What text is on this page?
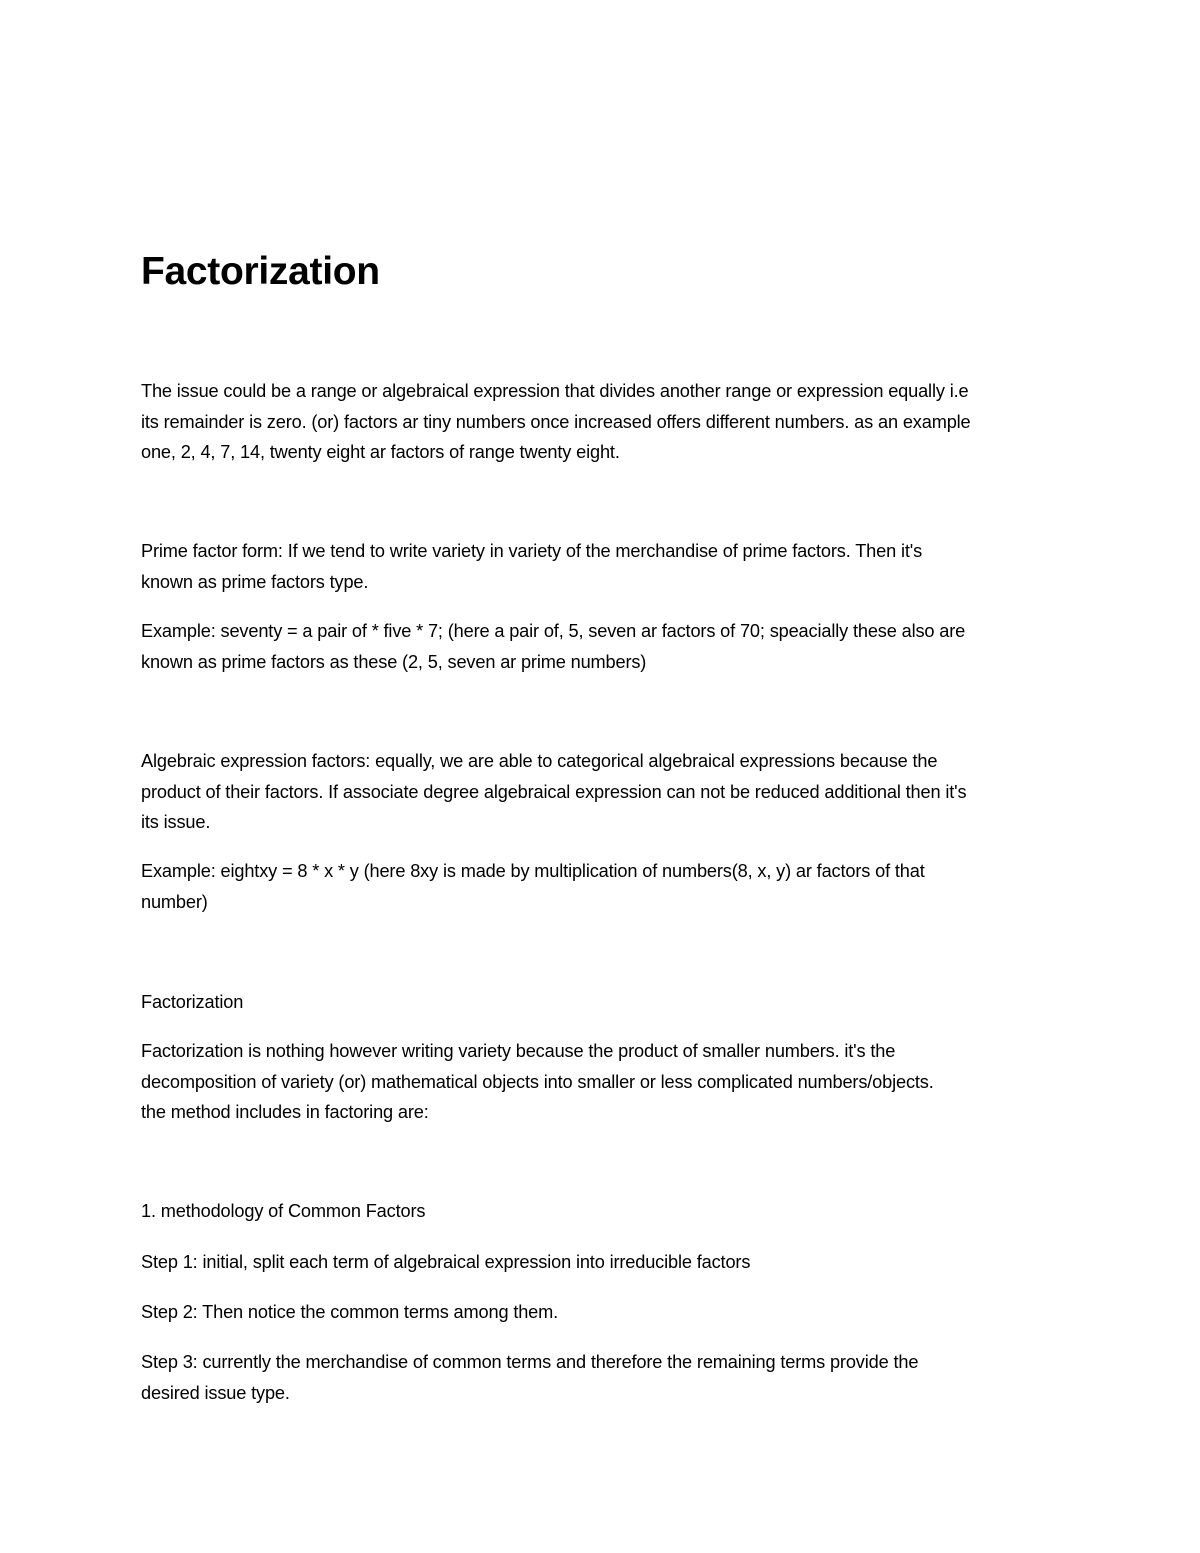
Factorization

The issue could be a range or algebraical expression that divides another range or expression equally i.e
its remainder is zero. (or) factors ar tiny numbers once increased offers different numbers. as an example
one, 2, 4, 7, 14, twenty eight ar factors of range twenty eight.

Prime factor form: If we tend to write variety in variety of the merchandise of prime factors. Then it's
known as prime factors type.

Example: seventy = a pair of * five * 7; (here a pair of, 5, seven ar factors of 70; speacially these also are
known as prime factors as these (2, 5, seven ar prime numbers)

Algebraic expression factors: equally, we are able to categorical algebraical expressions because the
product of their factors. If associate degree algebraical expression can not be reduced additional then it's
its issue.

Example: eightxy = 8 * x * y (here 8xy is made by multiplication of numbers(8, x, y) ar factors of that
number)

Factorization

Factorization is nothing however writing variety because the product of smaller numbers. it's the
decomposition of variety (or) mathematical objects into smaller or less complicated numbers/objects.
the method includes in factoring are:

1. methodology of Common Factors

Step 1: initial, split each term of algebraical expression into irreducible factors

Step 2: Then notice the common terms among them.

Step 3: currently the merchandise of common terms and therefore the remaining terms provide the
desired issue type.
